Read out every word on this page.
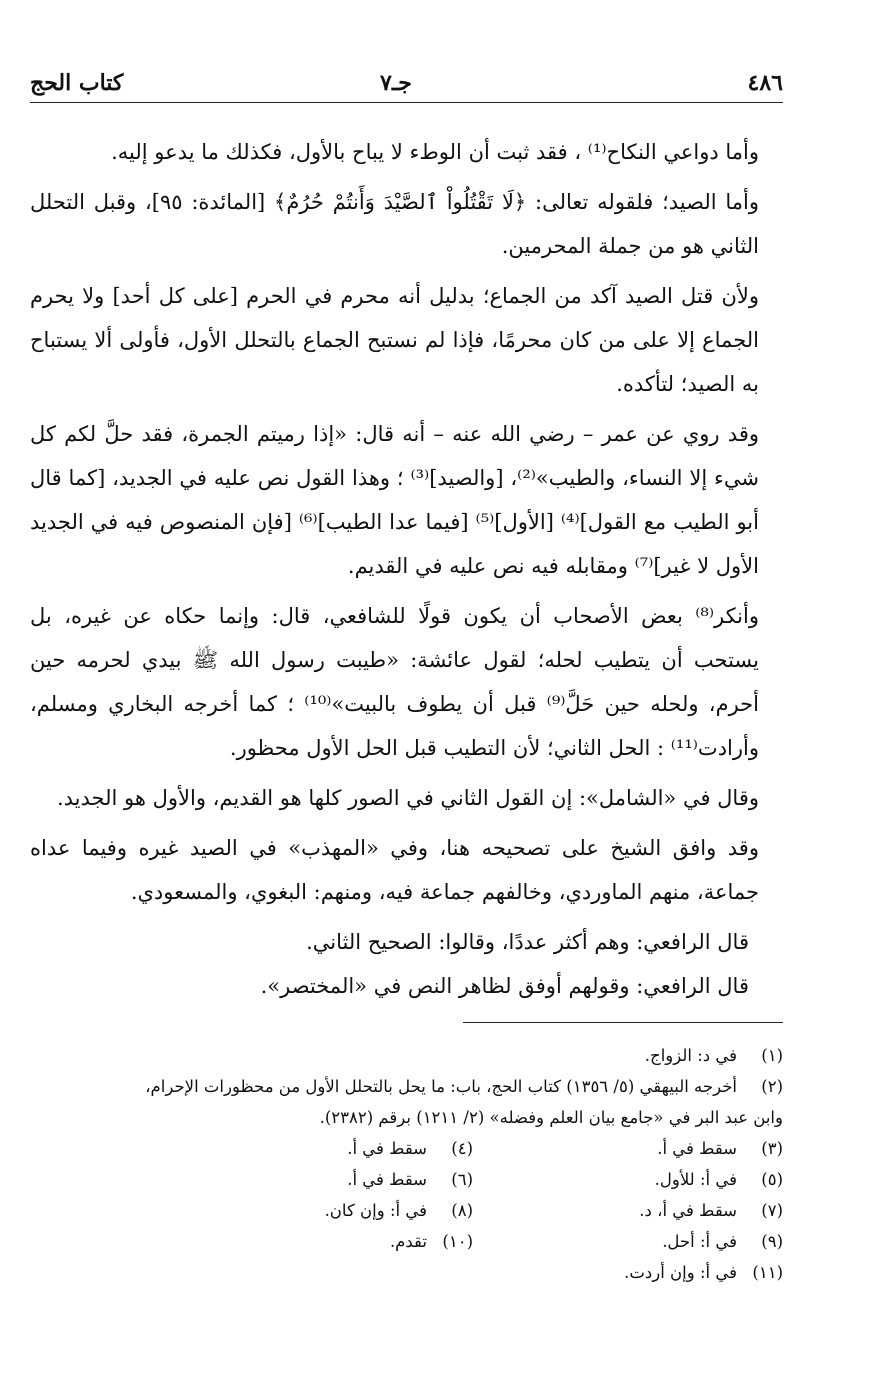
٤٨٦
جـ٧
كتاب الحج

وأما دواعي النكاح⁽¹⁾ ، فقد ثبت أن الوطء لا يباح بالأول، فكذلك ما يدعو إليه.

وأما الصيد؛ فلقوله تعالى: ﴿لَا تَقْتُلُواْ ٱلصَّيْدَ وَأَنتُمْ حُرُمٌ﴾ [المائدة: ٩٥]، وقبل التحلل الثاني هو من جملة المحرمين.

ولأن قتل الصيد آكد من الجماع؛ بدليل أنه محرم في الحرم [على كل أحد] ولا يحرم الجماع إلا على من كان محرمًا، فإذا لم نستبح الجماع بالتحلل الأول، فأولى ألا يستباح به الصيد؛ لتأكده.

وقد روي عن عمر – رضي الله عنه – أنه قال: «إذا رميتم الجمرة، فقد حلَّ لكم كل شيء إلا النساء، والطيب»⁽²⁾، [والصيد]⁽³⁾ ؛ وهذا القول نص عليه في الجديد، [كما قال أبو الطيب مع القول]⁽⁴⁾ [الأول]⁽⁵⁾ [فيما عدا الطيب]⁽⁶⁾ [فإن المنصوص فيه في الجديد الأول لا غير]⁽⁷⁾ ومقابله فيه نص عليه في القديم.

وأنكر⁽⁸⁾ بعض الأصحاب أن يكون قولًا للشافعي، قال: وإنما حكاه عن غيره، بل يستحب أن يتطيب لحله؛ لقول عائشة: «طيبت رسول الله ﷺ بيدي لحرمه حين أحرم، ولحله حين حَلَّ⁽⁹⁾ قبل أن يطوف بالبيت»⁽¹⁰⁾ ؛ كما أخرجه البخاري ومسلم، وأرادت⁽¹¹⁾ : الحل الثاني؛ لأن التطيب قبل الحل الأول محظور.

وقال في «الشامل»: إن القول الثاني في الصور كلها هو القديم، والأول هو الجديد.

وقد وافق الشيخ على تصحيحه هنا، وفي «المهذب» في الصيد غيره وفيما عداه جماعة، منهم الماوردي، وخالفهم جماعة فيه، ومنهم: البغوي، والمسعودي.

قال الرافعي: وهم أكثر عددًا، وقالوا: الصحيح الثاني.

قال الرافعي: وقولهم أوفق لظاهر النص في «المختصر».

(١)في د: الزواج.

(٢)أخرجه البيهقي (٥/ ١٣٥٦) كتاب الحج، باب: ما يحل بالتحلل الأول من محظورات الإحرام،

وابن عبد البر في «جامع بيان العلم وفضله» (٢/ ١٢١١) برقم (٢٣٨٢).

(٣)سقط في أ.

(٤)سقط في أ.

(٥)في أ: للأول.

(٦)سقط في أ.

(٧)سقط في أ، د.

(٨)في أ: وإن كان.

(٩)في أ: أحل.

(١٠)تقدم.

(١١)في أ: وإن أردت.
